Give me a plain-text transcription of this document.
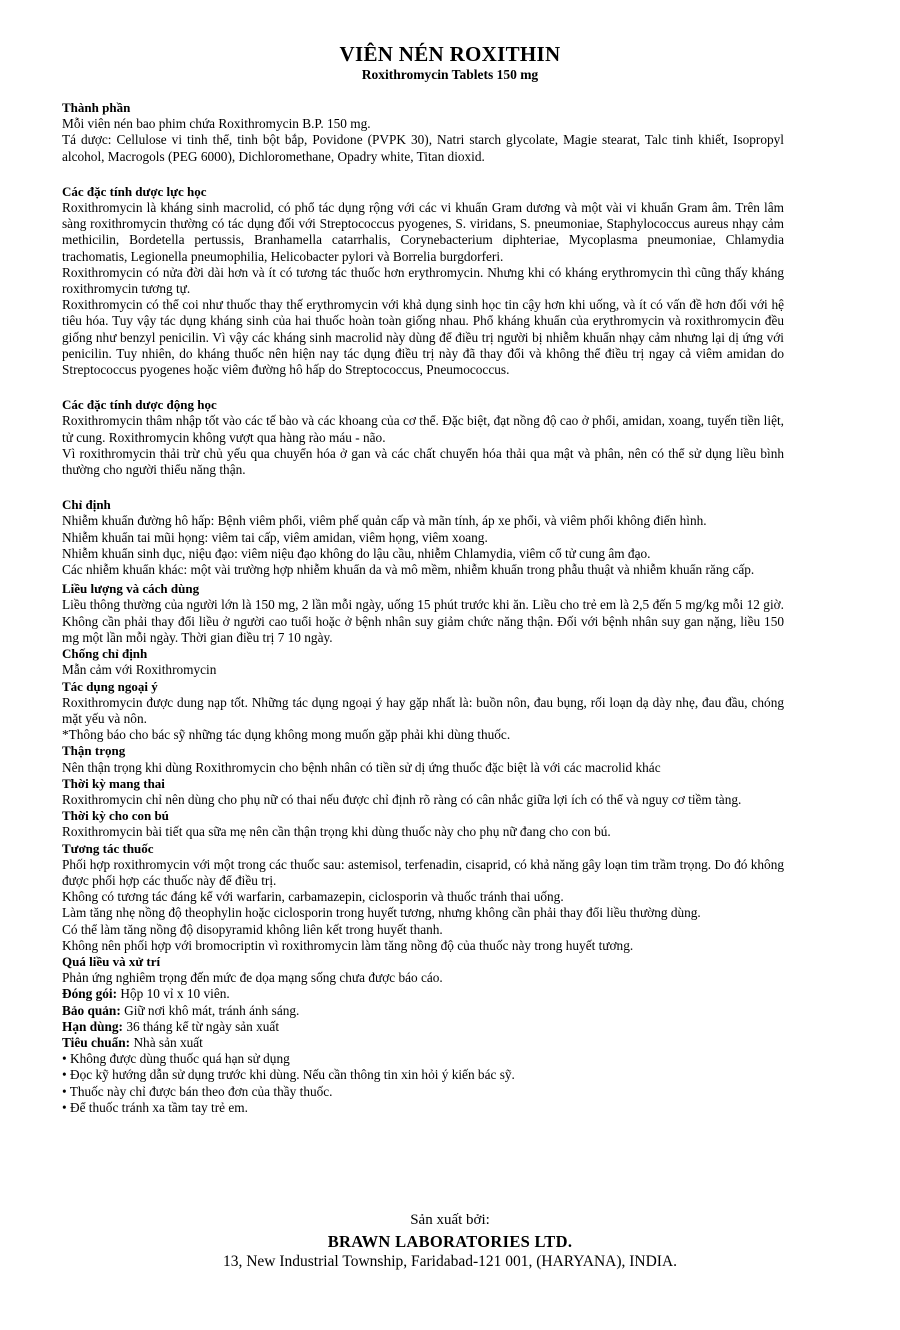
VIÊN NÉN ROXITHIN
Roxithromycin Tablets 150 mg
Thành phần

Mỗi viên nén bao phim chứa Roxithromycin B.P. 150 mg.

Tá dược: Cellulose vi tinh thể, tinh bột bắp, Povidone (PVPK 30), Natri starch glycolate, Magie stearat, Talc tinh khiết, Isopropyl alcohol, Macrogols (PEG 6000), Dichloromethane, Opadry white, Titan dioxid.

Các đặc tính dược lực học

Roxithromycin là kháng sinh macrolid, có phổ tác dụng rộng với các vi khuẩn Gram dương và một vài vi khuẩn Gram âm. Trên lâm sàng roxithromycin thường có tác dụng đối với Streptococcus pyogenes, S. viridans, S. pneumoniae, Staphylococcus aureus nhạy cảm methicilin, Bordetella pertussis, Branhamella catarrhalis, Corynebacterium diphteriae, Mycoplasma pneumoniae, Chlamydia trachomatis, Legionella pneumophilia, Helicobacter pylori và Borrelia burgdorferi.

Roxithromycin có nửa đời dài hơn và ít có tương tác thuốc hơn erythromycin. Nhưng khi có kháng erythromycin thì cũng thấy kháng roxithromycin tương tự.

Roxithromycin có thể coi như thuốc thay thế erythromycin với khả dụng sinh học tin cậy hơn khi uống, và ít có vấn đề hơn đối với hệ tiêu hóa. Tuy vậy tác dụng kháng sinh của hai thuốc hoàn toàn giống nhau. Phổ kháng khuẩn của erythromycin và roxithromycin đều giống như benzyl penicilin. Vì vậy các kháng sinh macrolid này dùng để điều trị người bị nhiễm khuẩn nhạy cảm nhưng lại dị ứng với penicilin. Tuy nhiên, do kháng thuốc nên hiện nay tác dụng điều trị này đã thay đổi và không thể điều trị ngay cả viêm amidan do Streptococcus pyogenes hoặc viêm đường hô hấp do Streptococcus, Pneumococcus.

Các đặc tính dược động học

Roxithromycin thâm nhập tốt vào các tế bào và các khoang của cơ thể. Đặc biệt, đạt nồng độ cao ở phổi, amidan, xoang, tuyến tiền liệt, tử cung. Roxithromycin không vượt qua hàng rào máu - não.

Vì roxithromycin thải trừ chủ yếu qua chuyển hóa ở gan và các chất chuyển hóa thải qua mật và phân, nên có thể sử dụng liều bình thường cho người thiểu năng thận.

Chỉ định

Nhiễm khuẩn đường hô hấp: Bệnh viêm phổi, viêm phế quản cấp và mãn tính, áp xe phổi, và viêm phổi không điển hình.

Nhiễm khuẩn tai mũi họng: viêm tai cấp, viêm amidan, viêm họng, viêm xoang.

Nhiễm khuẩn sinh dục, niệu đạo: viêm niệu đạo không do lậu cầu, nhiễm Chlamydia, viêm cổ tử cung âm đạo.

Các nhiễm khuẩn khác: một vài trường hợp nhiễm khuẩn da và mô mềm, nhiễm khuẩn trong phẫu thuật và nhiễm khuẩn răng cấp.

Liều lượng và cách dùng

Liều thông thường của người lớn là 150 mg, 2 lần mỗi ngày, uống 15 phút trước khi ăn. Liều cho trẻ em là 2,5 đến 5 mg/kg mỗi 12 giờ. Không cần phải thay đổi liều ở người cao tuổi hoặc ở bệnh nhân suy giảm chức năng thận. Đối với bệnh nhân suy gan nặng, liều 150 mg một lần mỗi ngày. Thời gian điều trị 7 10 ngày.

Chống chỉ định

Mẫn cảm với Roxithromycin

Tác dụng ngoại ý

Roxithromycin được dung nạp tốt. Những tác dụng ngoại ý hay gặp nhất là: buồn nôn, đau bụng, rối loạn dạ dày nhẹ, đau đầu, chóng mặt yếu và nôn.

*Thông báo cho bác sỹ những tác dụng không mong muốn gặp phải khi dùng thuốc.

Thận trọng

Nên thận trọng khi dùng Roxithromycin cho bệnh nhân có tiền sử dị ứng thuốc đặc biệt là với các macrolid khác

Thời kỳ mang thai

Roxithromycin chỉ nên dùng cho phụ nữ có thai nếu được chỉ định rõ ràng có cân nhắc giữa lợi ích có thể và nguy cơ tiềm tàng.

Thời kỳ cho con bú

Roxithromycin bài tiết qua sữa mẹ nên cần thận trọng khi dùng thuốc này cho phụ nữ đang cho con bú.

Tương tác thuốc

Phối hợp roxithromycin với một trong các thuốc sau: astemisol, terfenadin, cisaprid, có khả năng gây loạn tim trầm trọng. Do đó không được phối hợp các thuốc này để điều trị.

Không có tương tác đáng kể với warfarin, carbamazepin, ciclosporin và thuốc tránh thai uống.

Làm tăng nhẹ nồng độ theophylin hoặc ciclosporin trong huyết tương, nhưng không cần phải thay đổi liều thường dùng.

Có thể làm tăng nồng độ disopyramid không liên kết trong huyết thanh.

Không nên phối hợp với bromocriptin vì roxithromycin làm tăng nồng độ của thuốc này trong huyết tương.

Quá liều và xử trí

Phản ứng nghiêm trọng đến mức đe dọa mạng sống chưa được báo cáo.

Đóng gói: Hộp 10 vỉ x 10 viên.

Bảo quản: Giữ nơi khô mát, tránh ánh sáng.

Hạn dùng: 36 tháng kể từ ngày sản xuất

Tiêu chuẩn: Nhà sản xuất

• Không được dùng thuốc quá hạn sử dụng

• Đọc kỹ hướng dẫn sử dụng trước khi dùng. Nếu cần thông tin xin hỏi ý kiến bác sỹ.

• Thuốc này chỉ được bán theo đơn của thầy thuốc.

• Để thuốc tránh xa tầm tay trẻ em.

Sản xuất bởi:
BRAWN LABORATORIES LTD.
13, New Industrial Township, Faridabad-121 001, (HARYANA), INDIA.
